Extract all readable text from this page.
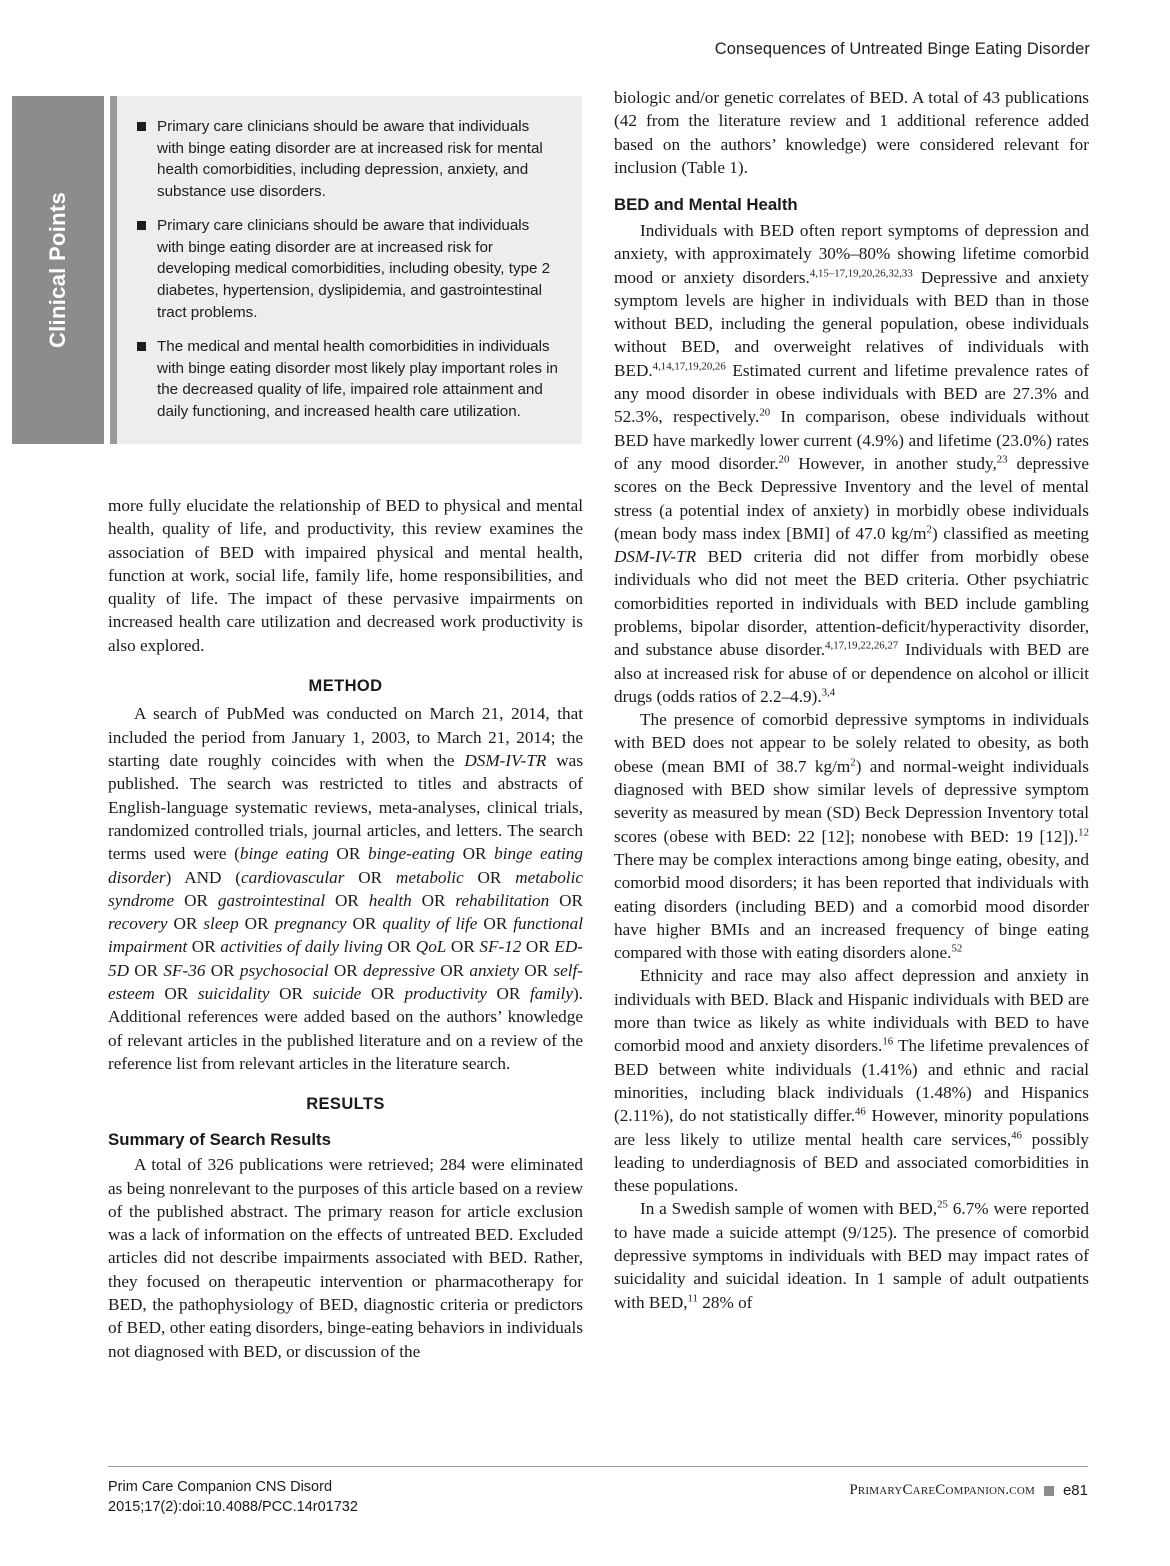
Consequences of Untreated Binge Eating Disorder
Clinical Points
Primary care clinicians should be aware that individuals with binge eating disorder are at increased risk for mental health comorbidities, including depression, anxiety, and substance use disorders.
Primary care clinicians should be aware that individuals with binge eating disorder are at increased risk for developing medical comorbidities, including obesity, type 2 diabetes, hypertension, dyslipidemia, and gastrointestinal tract problems.
The medical and mental health comorbidities in individuals with binge eating disorder most likely play important roles in the decreased quality of life, impaired role attainment and daily functioning, and increased health care utilization.

more fully elucidate the relationship of BED to physical and mental health, quality of life, and productivity, this review examines the association of BED with impaired physical and mental health, function at work, social life, family life, home responsibilities, and quality of life. The impact of these pervasive impairments on increased health care utilization and decreased work productivity is also explored.

METHOD

A search of PubMed was conducted on March 21, 2014, that included the period from January 1, 2003, to March 21, 2014; the starting date roughly coincides with when the DSM-IV-TR was published. The search was restricted to titles and abstracts of English-language systematic reviews, meta-analyses, clinical trials, randomized controlled trials, journal articles, and letters. The search terms used were (binge eating OR binge-eating OR binge eating disorder) AND (cardiovascular OR metabolic OR metabolic syndrome OR gastrointestinal OR health OR rehabilitation OR recovery OR sleep OR pregnancy OR quality of life OR functional impairment OR activities of daily living OR QoL OR SF-12 OR ED-5D OR SF-36 OR psychosocial OR depressive OR anxiety OR self-esteem OR suicidality OR suicide OR productivity OR family). Additional references were added based on the authors’ knowledge of relevant articles in the published literature and on a review of the reference list from relevant articles in the literature search.

RESULTS
Summary of Search Results

A total of 326 publications were retrieved; 284 were eliminated as being nonrelevant to the purposes of this article based on a review of the published abstract. The primary reason for article exclusion was a lack of information on the effects of untreated BED. Excluded articles did not describe impairments associated with BED. Rather, they focused on therapeutic intervention or pharmacotherapy for BED, the pathophysiology of BED, diagnostic criteria or predictors of BED, other eating disorders, binge-eating behaviors in individuals not diagnosed with BED, or discussion of the

biologic and/or genetic correlates of BED. A total of 43 publications (42 from the literature review and 1 additional reference added based on the authors’ knowledge) were considered relevant for inclusion (Table 1).

BED and Mental Health

Individuals with BED often report symptoms of depression and anxiety, with approximately 30%–80% showing lifetime comorbid mood or anxiety disorders.$^{4,15-17,19,20,26,32,33}$ Depressive and anxiety symptom levels are higher in individuals with BED than in those without BED, including the general population, obese individuals without BED, and overweight relatives of individuals with BED.$^{4,14,17,19,20,26}$ Estimated current and lifetime prevalence rates of any mood disorder in obese individuals with BED are 27.3% and 52.3%, respectively.$^{20}$ In comparison, obese individuals without BED have markedly lower current (4.9%) and lifetime (23.0%) rates of any mood disorder.$^{20}$ However, in another study,$^{23}$ depressive scores on the Beck Depressive Inventory and the level of mental stress (a potential index of anxiety) in morbidly obese individuals (mean body mass index [BMI] of 47.0 $kg/m^2$) classified as meeting DSM-IV-TR BED criteria did not differ from morbidly obese individuals who did not meet the BED criteria. Other psychiatric comorbidities reported in individuals with BED include gambling problems, bipolar disorder, attention-deficit/hyperactivity disorder, and substance abuse disorder.$^{4,17,19,22,26,27}$ Individuals with BED are also at increased risk for abuse of or dependence on alcohol or illicit drugs (odds ratios of 2.2–4.9).$^{3,4}$

The presence of comorbid depressive symptoms in individuals with BED does not appear to be solely related to obesity, as both obese (mean BMI of 38.7 $kg/m^2$) and normal-weight individuals diagnosed with BED show similar levels of depressive symptom severity as measured by mean (SD) Beck Depression Inventory total scores (obese with BED: 22 [12]; nonobese with BED: 19 [12]).$^{12}$ There may be complex interactions among binge eating, obesity, and comorbid mood disorders; it has been reported that individuals with eating disorders (including BED) and a comorbid mood disorder have higher BMIs and an increased frequency of binge eating compared with those with eating disorders alone.$^{52}$

Ethnicity and race may also affect depression and anxiety in individuals with BED. Black and Hispanic individuals with BED are more than twice as likely as white individuals with BED to have comorbid mood and anxiety disorders.$^{16}$ The lifetime prevalences of BED between white individuals (1.41%) and ethnic and racial minorities, including black individuals (1.48%) and Hispanics (2.11%), do not statistically differ.$^{46}$ However, minority populations are less likely to utilize mental health care services,$^{46}$ possibly leading to underdiagnosis of BED and associated comorbidities in these populations.

In a Swedish sample of women with BED,$^{25}$ 6.7% were reported to have made a suicide attempt (9/125). The presence of comorbid depressive symptoms in individuals with BED may impact rates of suicidality and suicidal ideation. In 1 sample of adult outpatients with BED,$^{11}$ 28% of

Prim Care Companion CNS Disord
2015;17(2):doi:10.4088/PCC.14r01732
PrimaryCareCompanion.com e81
